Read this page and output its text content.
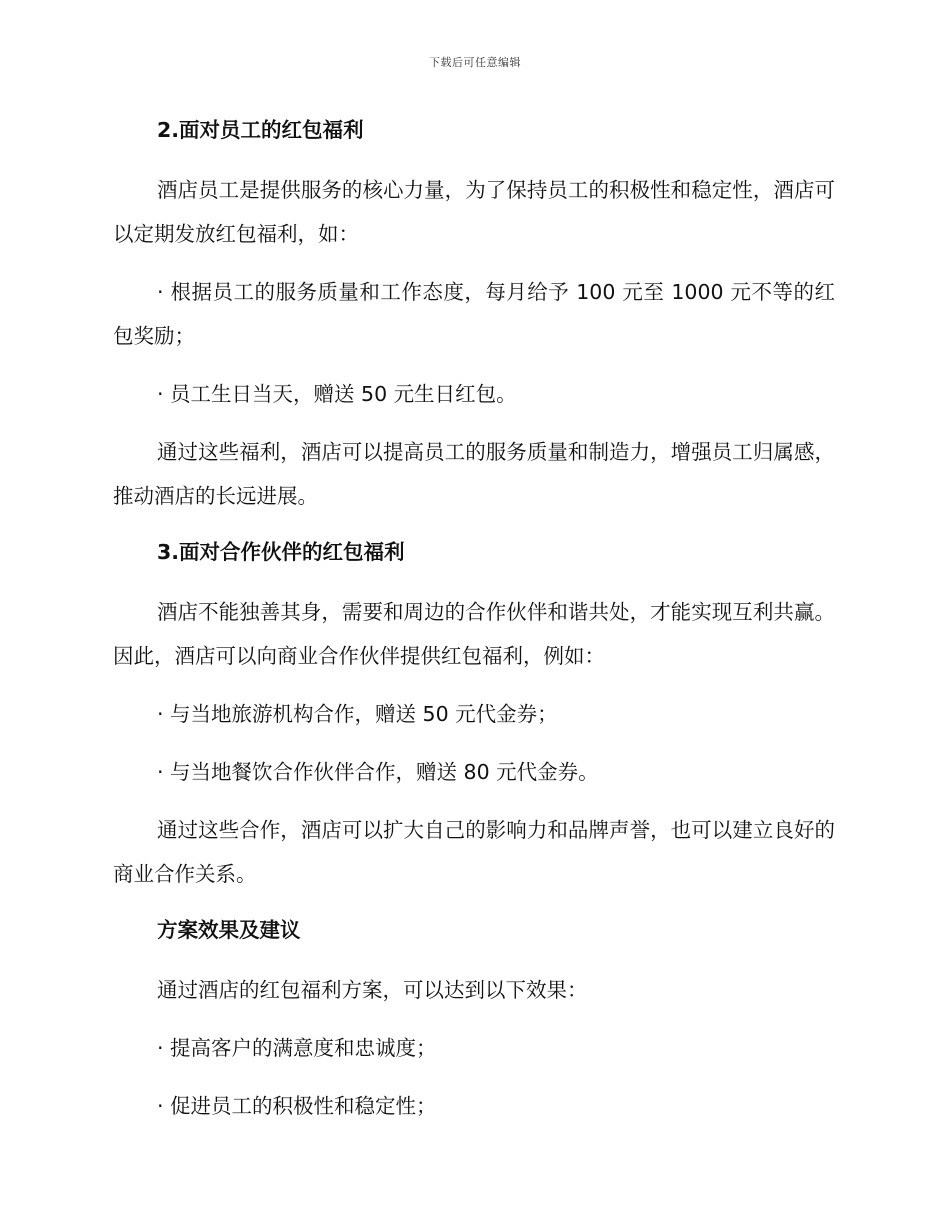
下载后可任意编辑

2.面对员工的红包福利

酒店员工是提供服务的核心力量，为了保持员工的积极性和稳定性，酒店可以定期发放红包福利，如：

· 根据员工的服务质量和工作态度，每月给予 100 元至 1000 元不等的红包奖励；

· 员工生日当天，赠送 50 元生日红包。

通过这些福利，酒店可以提高员工的服务质量和制造力，增强员工归属感，推动酒店的长远进展。

3.面对合作伙伴的红包福利

酒店不能独善其身，需要和周边的合作伙伴和谐共处，才能实现互利共赢。因此，酒店可以向商业合作伙伴提供红包福利，例如：

· 与当地旅游机构合作，赠送 50 元代金券；

· 与当地餐饮合作伙伴合作，赠送 80 元代金券。

通过这些合作，酒店可以扩大自己的影响力和品牌声誉，也可以建立良好的商业合作关系。

方案效果及建议

通过酒店的红包福利方案，可以达到以下效果：

· 提高客户的满意度和忠诚度；

· 促进员工的积极性和稳定性；
